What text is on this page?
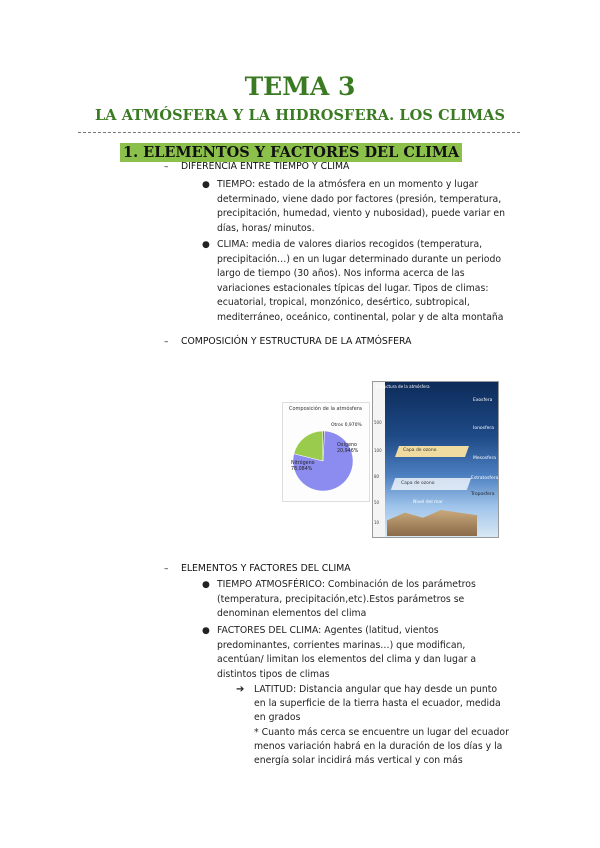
TEMA 3
LA ATMÓSFERA Y LA HIDROSFERA. LOS CLIMAS
1. ELEMENTOS Y FACTORES DEL CLIMA
– DIFERENCIA ENTRE TIEMPO Y CLIMA
● TIEMPO: estado de la atmósfera en un momento y lugar
determinado, viene dado por factores (presión, temperatura,
precipitación, humedad, viento y nubosidad), puede variar en
días, horas/ minutos.
● CLIMA: media de valores diarios recogidos (temperatura,
precipitación…) en un lugar determinado durante un periodo
largo de tiempo (30 años). Nos informa acerca de las
variaciones estacionales típicas del lugar. Tipos de climas:
ecuatorial, tropical, monzónico, desértico, subtropical,
mediterráneo, oceánico, continental, polar y de alta montaña
– COMPOSICIÓN Y ESTRUCTURA DE LA ATMÓSFERA
Composición de la atmósfera
Nitrógeno 78,084%
Oxígeno 20,946%
Otros 0,970%
500
100
80
50
10
Estructura de la atmósfera
Capa de ozono
Capa de ozono
Nivel del mar
Exosfera
Ionosfera
Mesosfera
Estratosfera
Troposfera
– ELEMENTOS Y FACTORES DEL CLIMA
● TIEMPO ATMOSFÉRICO: Combinación de los parámetros
(temperatura, precipitación,etc).Estos parámetros se
denominan elementos del clima
● FACTORES DEL CLIMA: Agentes (latitud, vientos
predominantes, corrientes marinas…) que modifican,
acentúan/ limitan los elementos del clima y dan lugar a
distintos tipos de climas
➔ LATITUD: Distancia angular que hay desde un punto
en la superficie de la tierra hasta el ecuador, medida
en grados
* Cuanto más cerca se encuentre un lugar del ecuador
menos variación habrá en la duración de los días y la
energía solar incidirá más vertical y con más
